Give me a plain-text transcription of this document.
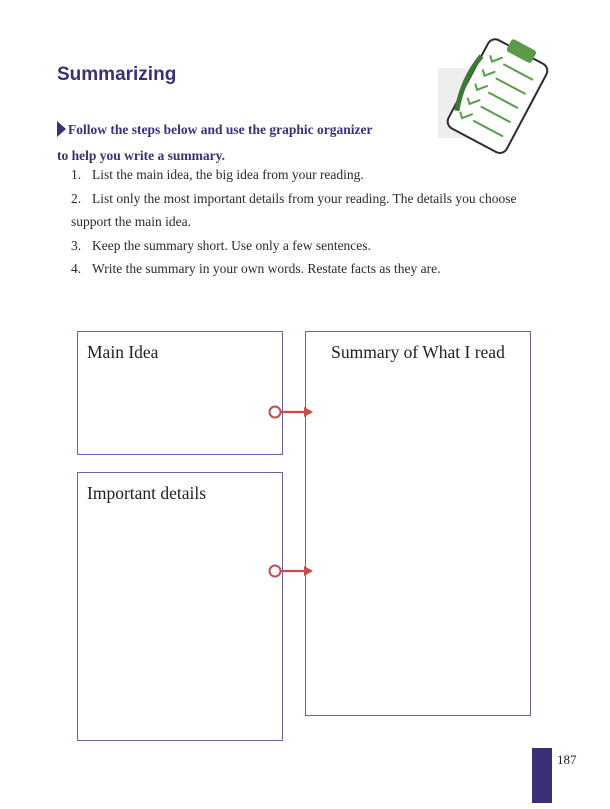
Summarizing
Follow the steps below and use the graphic organizer
to help you write a summary.
1. List the main idea, the big idea from your reading.
2. List only the most important details from your reading. The details you choose support the main idea.
3. Keep the summary short. Use only a few sentences.
4. Write the summary in your own words. Restate facts as they are.
Main Idea
Important details
Summary of What I read
187
